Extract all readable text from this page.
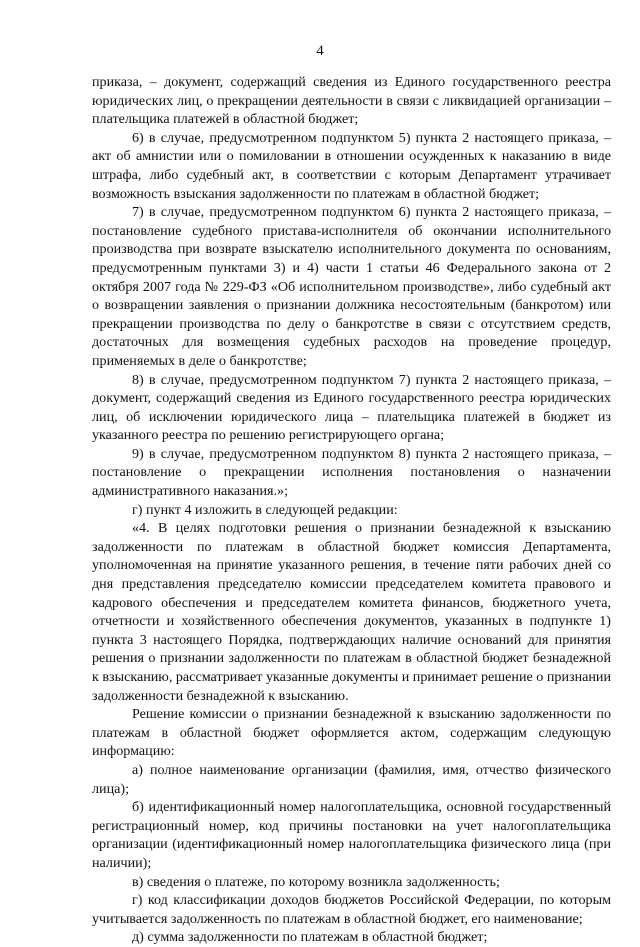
4

приказа, – документ, содержащий сведения из Единого государственного реестра юридических лиц, о прекращении деятельности в связи с ликвидацией организации – плательщика платежей в областной бюджет;

6) в случае, предусмотренном подпунктом 5) пункта 2 настоящего приказа, – акт об амнистии или о помиловании в отношении осужденных к наказанию в виде штрафа, либо судебный акт, в соответствии с которым Департамент утрачивает возможность взыскания задолженности по платежам в областной бюджет;

7) в случае, предусмотренном подпунктом 6) пункта 2 настоящего приказа, – постановление судебного пристава-исполнителя об окончании исполнительного производства при возврате взыскателю исполнительного документа по основаниям, предусмотренным пунктами 3) и 4) части 1 статьи 46 Федерального закона от 2 октября 2007 года № 229-ФЗ «Об исполнительном производстве», либо судебный акт о возвращении заявления о признании должника несостоятельным (банкротом) или прекращении производства по делу о банкротстве в связи с отсутствием средств, достаточных для возмещения судебных расходов на проведение процедур, применяемых в деле о банкротстве;

8) в случае, предусмотренном подпунктом 7) пункта 2 настоящего приказа, – документ, содержащий сведения из Единого государственного реестра юридических лиц, об исключении юридического лица – плательщика платежей в бюджет из указанного реестра по решению регистрирующего органа;

9) в случае, предусмотренном подпунктом 8) пункта 2 настоящего приказа, – постановление о прекращении исполнения постановления о назначении административного наказания.»;

г) пункт 4 изложить в следующей редакции:

«4. В целях подготовки решения о признании безнадежной к взысканию задолженности по платежам в областной бюджет комиссия Департамента, уполномоченная на принятие указанного решения, в течение пяти рабочих дней со дня представления председателю комиссии председателем комитета правового и кадрового обеспечения и председателем комитета финансов, бюджетного учета, отчетности и хозяйственного обеспечения документов, указанных в подпункте 1) пункта 3 настоящего Порядка, подтверждающих наличие оснований для принятия решения о признании задолженности по платежам в областной бюджет безнадежной к взысканию, рассматривает указанные документы и принимает решение о признании задолженности безнадежной к взысканию.

Решение комиссии о признании безнадежной к взысканию задолженности по платежам в областной бюджет оформляется актом, содержащим следующую информацию:

а) полное наименование организации (фамилия, имя, отчество физического лица);

б) идентификационный номер налогоплательщика, основной государственный регистрационный номер, код причины постановки на учет налогоплательщика организации (идентификационный номер налогоплательщика физического лица (при наличии);

в) сведения о платеже, по которому возникла задолженность;

г) код классификации доходов бюджетов Российской Федерации, по которым учитывается задолженность по платежам в областной бюджет, его наименование;

д) сумма задолженности по платежам в областной бюджет;
